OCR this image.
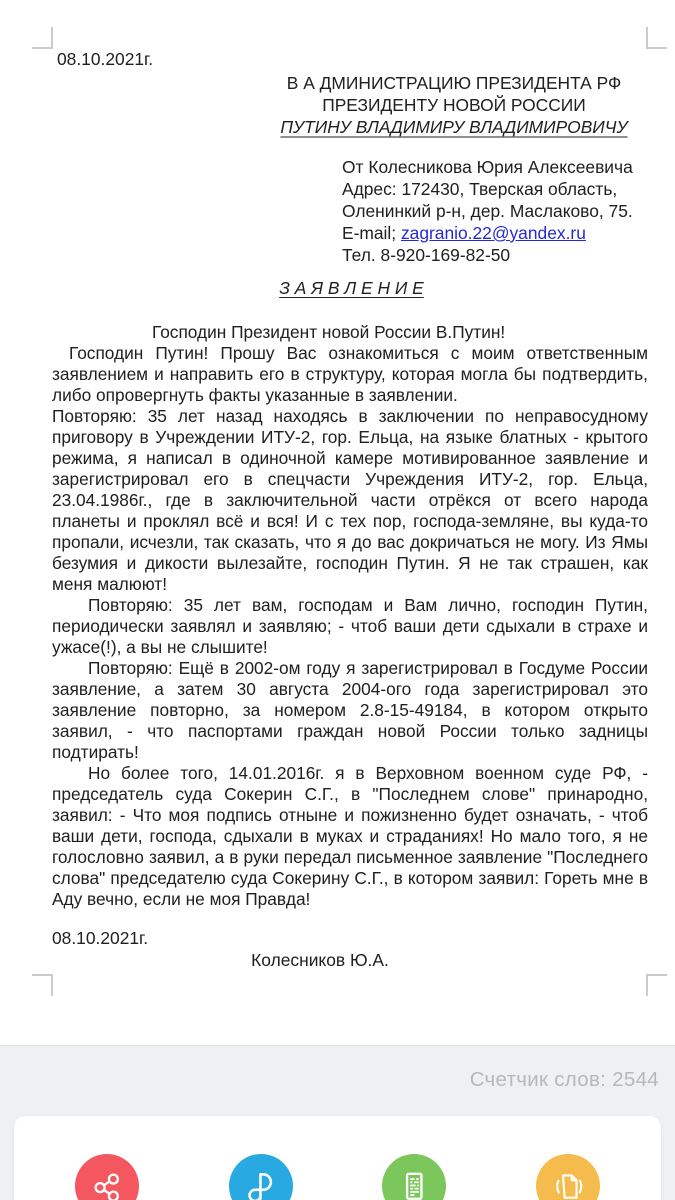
08.10.2021г.
В А ДМИНИСТРАЦИЮ ПРЕЗИДЕНТА РФ
ПРЕЗИДЕНТУ НОВОЙ РОССИИ
ПУТИНУ ВЛАДИМИРУ ВЛАДИМИРОВИЧУ
От Колесникова Юрия Алексеевича
Адрес: 172430, Тверская область,
Оленинкий р-н, дер. Маслаково, 75.
E-mail; zagranio.22@yandex.ru
Тел. 8-920-169-82-50
З А Я В Л Е Н И Е

Господин Президент новой России В.Путин!

Господин Путин! Прошу Вас ознакомиться с моим ответственным заявлением и направить его в структуру, которая могла бы подтвердить, либо опровергнуть факты указанные в заявлении.

Повторяю: 35 лет назад находясь в заключении по неправосудному приговору в Учреждении ИТУ-2, гор. Ельца, на языке блатных - крытого режима, я написал в одиночной камере мотивированное заявление и зарегистрировал его в спецчасти Учреждения ИТУ-2, гор. Ельца, 23.04.1986г., где в заключительной части отрёкся от всего народа планеты и проклял всё и вся! И с тех пор, господа-земляне, вы куда-то пропали, исчезли, так сказать, что я до вас докричаться не могу. Из Ямы безумия и дикости вылезайте, господин Путин. Я не так страшен, как меня малюют!

Повторяю: 35 лет вам, господам и Вам лично, господин Путин, периодически заявлял и заявляю; - чтоб ваши дети сдыхали в страхе и ужасе(!), а вы не слышите!

Повторяю: Ещё в 2002-ом году я зарегистрировал в Госдуме России заявление, а затем 30 августа 2004-ого года зарегистрировал это заявление повторно, за номером 2.8-15-49184, в котором открыто заявил, - что паспортами граждан новой России только задницы подтирать!

Но более того, 14.01.2016г. я в Верховном военном суде РФ, - председатель суда Сокерин С.Г., в "Последнем слове" принародно, заявил: - Что моя подпись отныне и пожизненно будет означать, - чтоб ваши дети, господа, сдыхали в муках и страданиях! Но мало того, я не голословно заявил, а в руки передал письменное заявление "Последнего слова" председателю суда Сокерину С.Г., в котором заявил: Гореть мне в Аду вечно, если не моя Правда!

08.10.2021г.
Колесников Ю.А.
Счетчик слов: 2544
